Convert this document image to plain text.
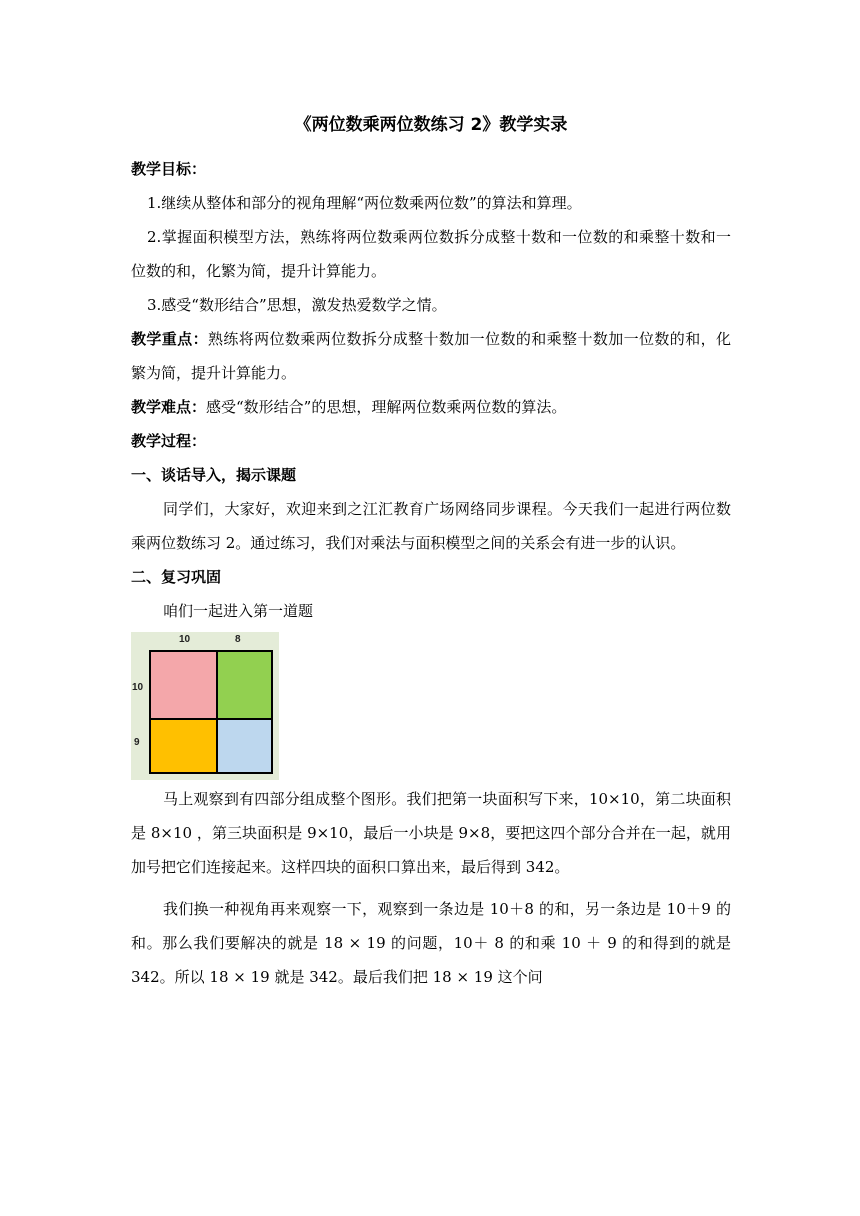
《两位数乘两位数练习 2》教学实录

教学目标：

1.继续从整体和部分的视角理解“两位数乘两位数”的算法和算理。

2.掌握面积模型方法，熟练将两位数乘两位数拆分成整十数和一位数的和乘整十数和一位数的和，化繁为简，提升计算能力。

3.感受“数形结合”思想，激发热爱数学之情。

教学重点：熟练将两位数乘两位数拆分成整十数加一位数的和乘整十数加一位数的和，化繁为简，提升计算能力。

教学难点：感受“数形结合”的思想，理解两位数乘两位数的算法。

教学过程：

一、谈话导入，揭示课题

同学们，大家好，欢迎来到之江汇教育广场网络同步课程。今天我们一起进行两位数乘两位数练习 2。通过练习，我们对乘法与面积模型之间的关系会有进一步的认识。

二、复习巩固

咱们一起进入第一道题

10	8
10
9

马上观察到有四部分组成整个图形。我们把第一块面积写下来，10×10，第二块面积是 8×10 ，第三块面积是 9×10，最后一小块是 9×8，要把这四个部分合并在一起，就用加号把它们连接起来。这样四块的面积口算出来，最后得到 342。

我们换一种视角再来观察一下，观察到一条边是 10＋8 的和，另一条边是 10＋9 的和。那么我们要解决的就是 18 × 19 的问题，10＋ 8 的和乘 10 ＋ 9 的和得到的就是 342。所以 18 × 19 就是 342。最后我们把 18 × 19 这个问
